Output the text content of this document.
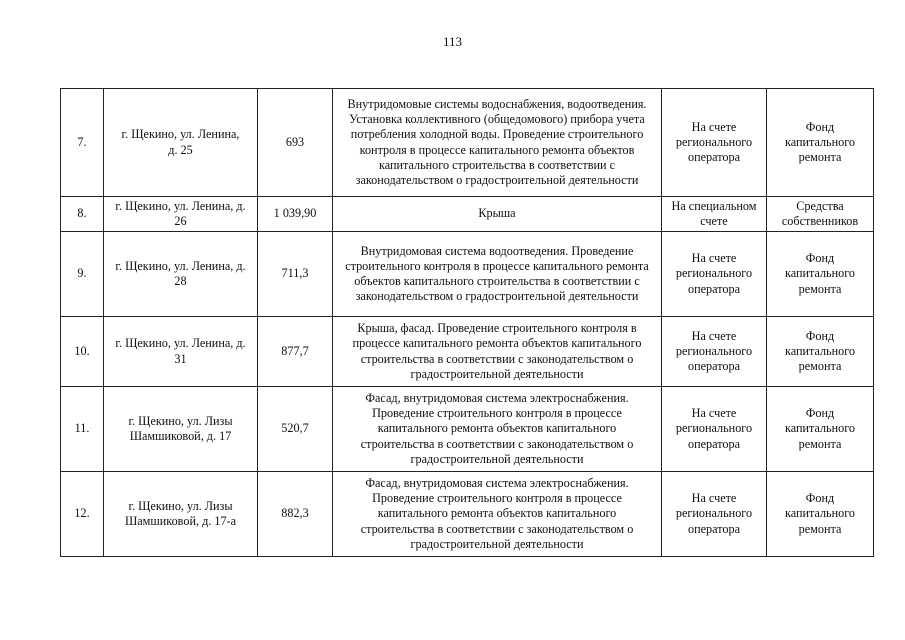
113
7.	г. Щекино, ул. Ленина, д. 25	693	Внутридомовые системы водоснабжения, водоотведения. Установка коллективного (общедомового) прибора учета потребления холодной воды. Проведение строительного контроля в процессе капитального ремонта объектов капитального строительства в соответствии с законодательством о градостроительной деятельности	На счете регионального оператора	Фонд капитального ремонта
8.	г. Щекино, ул. Ленина, д. 26	1 039,90	Крыша	На специальном счете	Средства собственников
9.	г. Щекино, ул. Ленина, д. 28	711,3	Внутридомовая система водоотведения. Проведение строительного контроля в процессе капитального ремонта объектов капитального строительства в соответствии с законодательством о градостроительной деятельности	На счете регионального оператора	Фонд капитального ремонта
10.	г. Щекино, ул. Ленина, д. 31	877,7	Крыша, фасад. Проведение строительного контроля в процессе капитального ремонта объектов капитального строительства в соответствии с законодательством о градостроительной деятельности	На счете регионального оператора	Фонд капитального ремонта
11.	г. Щекино, ул. Лизы Шамшиковой, д. 17	520,7	Фасад, внутридомовая система электроснабжения. Проведение строительного контроля в процессе капитального ремонта объектов капитального строительства в соответствии с законодательством о градостроительной деятельности	На счете регионального оператора	Фонд капитального ремонта
12.	г. Щекино, ул. Лизы Шамшиковой, д. 17-а	882,3	Фасад, внутридомовая система электроснабжения. Проведение строительного контроля в процессе капитального ремонта объектов капитального строительства в соответствии с законодательством о градостроительной деятельности	На счете регионального оператора	Фонд капитального ремонта
